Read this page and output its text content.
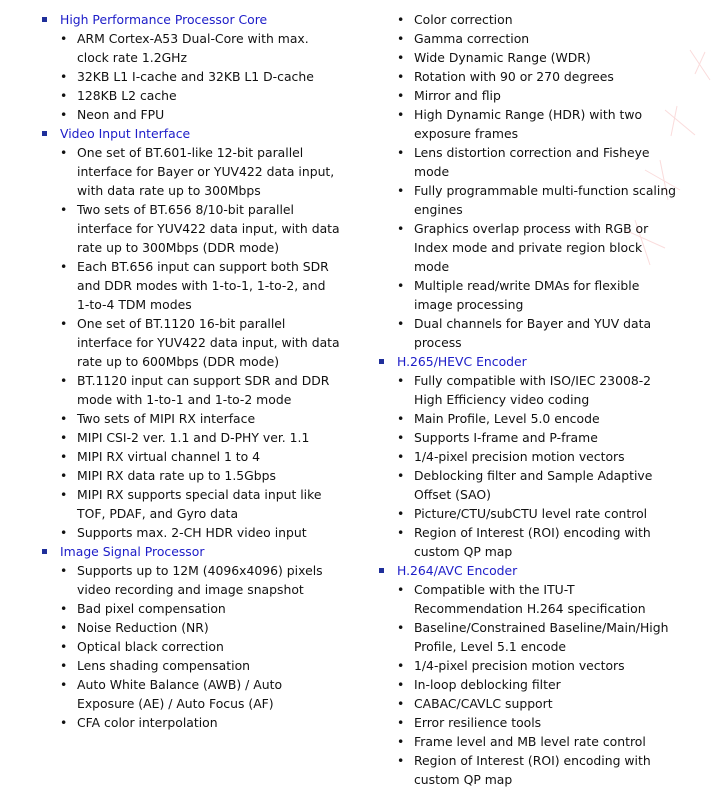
High Performance Processor Core
• ARM Cortex-A53 Dual-Core with max. clock rate 1.2GHz
• 32KB L1 I-cache and 32KB L1 D-cache
• 128KB L2 cache
• Neon and FPU
Video Input Interface
• One set of BT.601-like 12-bit parallel interface for Bayer or YUV422 data input, with data rate up to 300Mbps
• Two sets of BT.656 8/10-bit parallel interface for YUV422 data input, with data rate up to 300Mbps (DDR mode)
• Each BT.656 input can support both SDR and DDR modes with 1-to-1, 1-to-2, and 1-to-4 TDM modes
• One set of BT.1120 16-bit parallel interface for YUV422 data input, with data rate up to 600Mbps (DDR mode)
• BT.1120 input can support SDR and DDR mode with 1-to-1 and 1-to-2 mode
• Two sets of MIPI RX interface
• MIPI CSI-2 ver. 1.1 and D-PHY ver. 1.1
• MIPI RX virtual channel 1 to 4
• MIPI RX data rate up to 1.5Gbps
• MIPI RX supports special data input like TOF, PDAF, and Gyro data
• Supports max. 2-CH HDR video input
Image Signal Processor
• Supports up to 12M (4096x4096) pixels video recording and image snapshot
• Bad pixel compensation
• Noise Reduction (NR)
• Optical black correction
• Lens shading compensation
• Auto White Balance (AWB) / Auto Exposure (AE) / Auto Focus (AF)
• CFA color interpolation
• Color correction
• Gamma correction
• Wide Dynamic Range (WDR)
• Rotation with 90 or 270 degrees
• Mirror and flip
• High Dynamic Range (HDR) with two exposure frames
• Lens distortion correction and Fisheye mode
• Fully programmable multi-function scaling engines
• Graphics overlap process with RGB or Index mode and private region block mode
• Multiple read/write DMAs for flexible image processing
• Dual channels for Bayer and YUV data process
H.265/HEVC Encoder
• Fully compatible with ISO/IEC 23008-2 High Efficiency video coding
• Main Profile, Level 5.0 encode
• Supports I-frame and P-frame
• 1/4-pixel precision motion vectors
• Deblocking filter and Sample Adaptive Offset (SAO)
• Picture/CTU/subCTU level rate control
• Region of Interest (ROI) encoding with custom QP map
H.264/AVC Encoder
• Compatible with the ITU-T Recommendation H.264 specification
• Baseline/Constrained Baseline/Main/High Profile, Level 5.1 encode
• 1/4-pixel precision motion vectors
• In-loop deblocking filter
• CABAC/CAVLC support
• Error resilience tools
• Frame level and MB level rate control
• Region of Interest (ROI) encoding with custom QP map
